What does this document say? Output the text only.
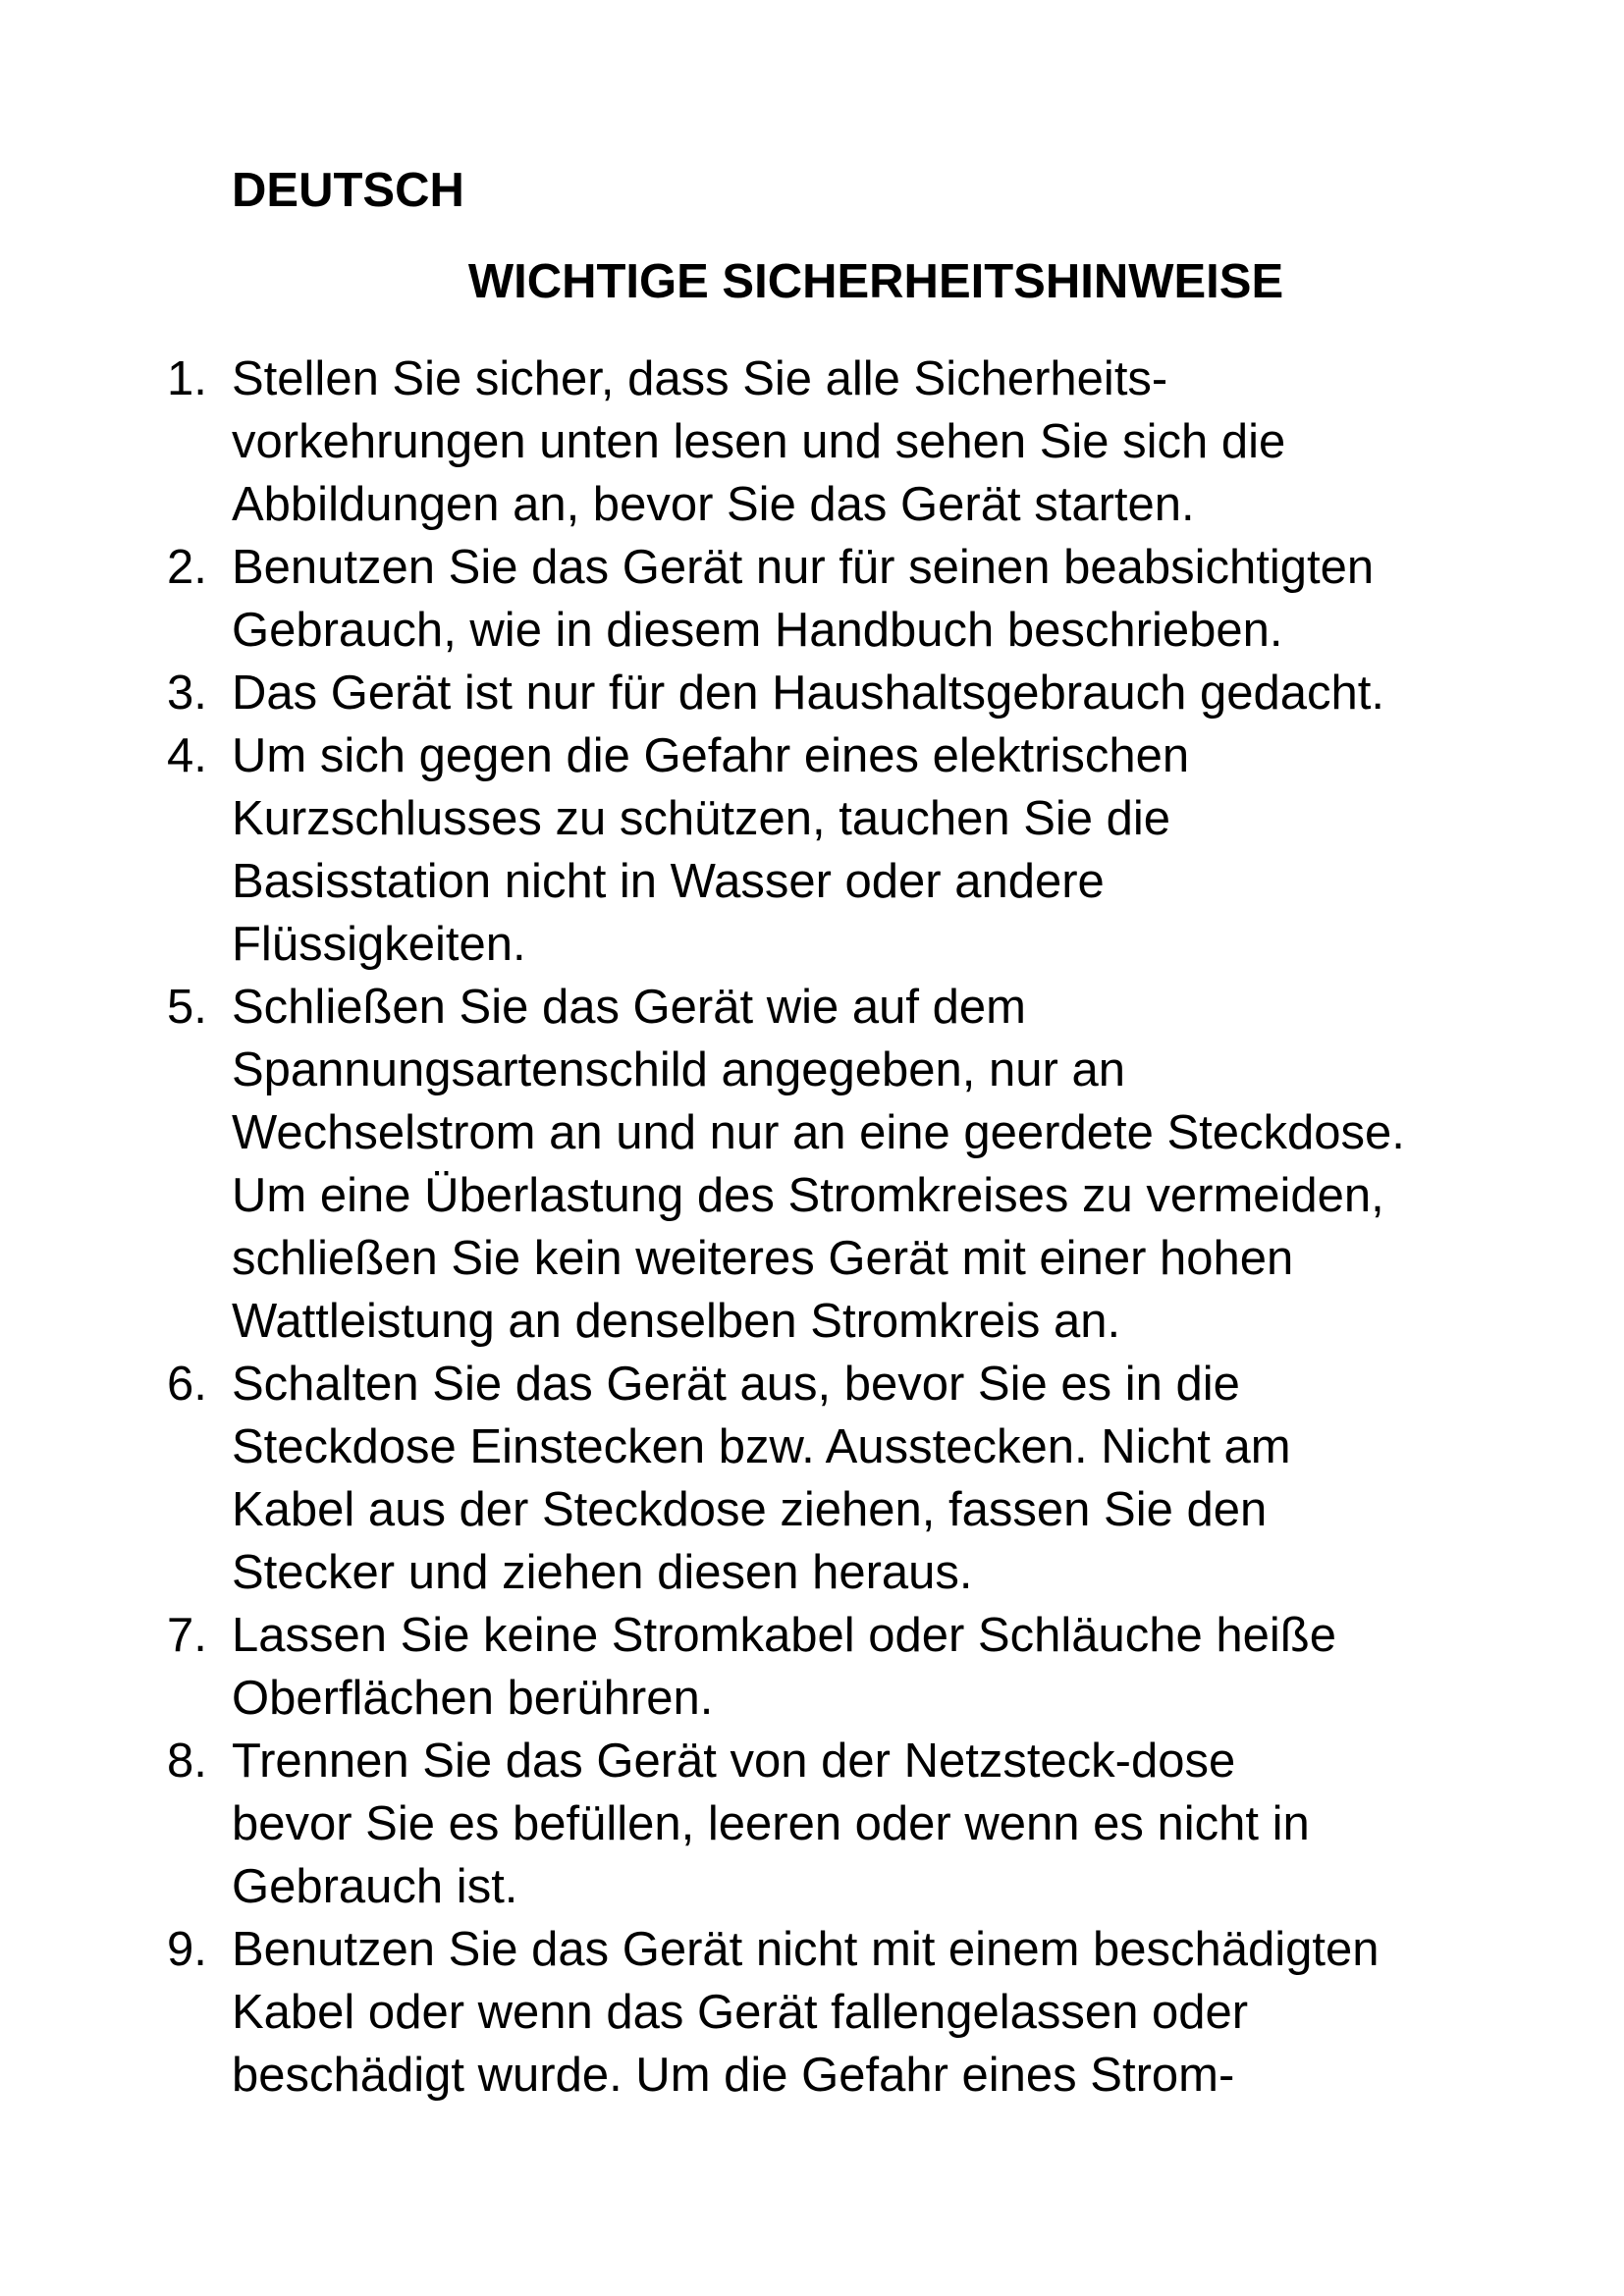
DEUTSCH
WICHTIGE SICHERHEITSHINWEISE
1. Stellen Sie sicher, dass Sie alle Sicherheits-
vorkehrungen unten lesen und sehen Sie sich die
Abbildungen an, bevor Sie das Gerät starten.
2. Benutzen Sie das Gerät nur für seinen beabsichtigten
Gebrauch, wie in diesem Handbuch beschrieben.
3. Das Gerät ist nur für den Haushaltsgebrauch gedacht.
4. Um sich gegen die Gefahr eines elektrischen
Kurzschlusses zu schützen, tauchen Sie die
Basisstation nicht in Wasser oder andere
Flüssigkeiten.
5. Schließen Sie das Gerät wie auf dem
Spannungsartenschild angegeben, nur an
Wechselstrom an und nur an eine geerdete Steckdose.
Um eine Überlastung des Stromkreises zu vermeiden,
schließen Sie kein weiteres Gerät mit einer hohen
Wattleistung an denselben Stromkreis an.
6. Schalten Sie das Gerät aus, bevor Sie es in die
Steckdose Einstecken bzw. Ausstecken. Nicht am
Kabel aus der Steckdose ziehen, fassen Sie den
Stecker und ziehen diesen heraus.
7. Lassen Sie keine Stromkabel oder Schläuche heiße
Oberflächen berühren.
8. Trennen Sie das Gerät von der Netzsteck-dose
bevor Sie es befüllen, leeren oder wenn es nicht in
Gebrauch ist.
9. Benutzen Sie das Gerät nicht mit einem beschädigten
Kabel oder wenn das Gerät fallengelassen oder
beschädigt wurde. Um die Gefahr eines Strom-
